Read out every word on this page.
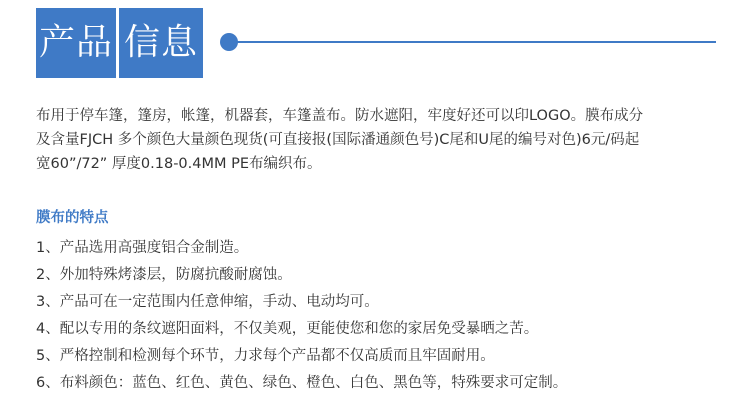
产品 信息

布用于停车篷，篷房，帐篷，机器套，车篷盖布。防水遮阳，牢度好还可以印LOGO。膜布成分

及含量FJCH 多个颜色大量颜色现货(可直接报(国际潘通颜色号)C尾和U尾的编号对色)6元/码起

宽60”/72” 厚度0.18-0.4MM PE布编织布。

膜布的特点
1、产品选用高强度铝合金制造。
2、外加特殊烤漆层，防腐抗酸耐腐蚀。
3、产品可在一定范围内任意伸缩，手动、电动均可。
4、配以专用的条纹遮阳面料，不仅美观，更能使您和您的家居免受暴晒之苦。
5、严格控制和检测每个环节，力求每个产品都不仅高质而且牢固耐用。
6、布料颜色：蓝色、红色、黄色、绿色、橙色、白色、黑色等，特殊要求可定制。
